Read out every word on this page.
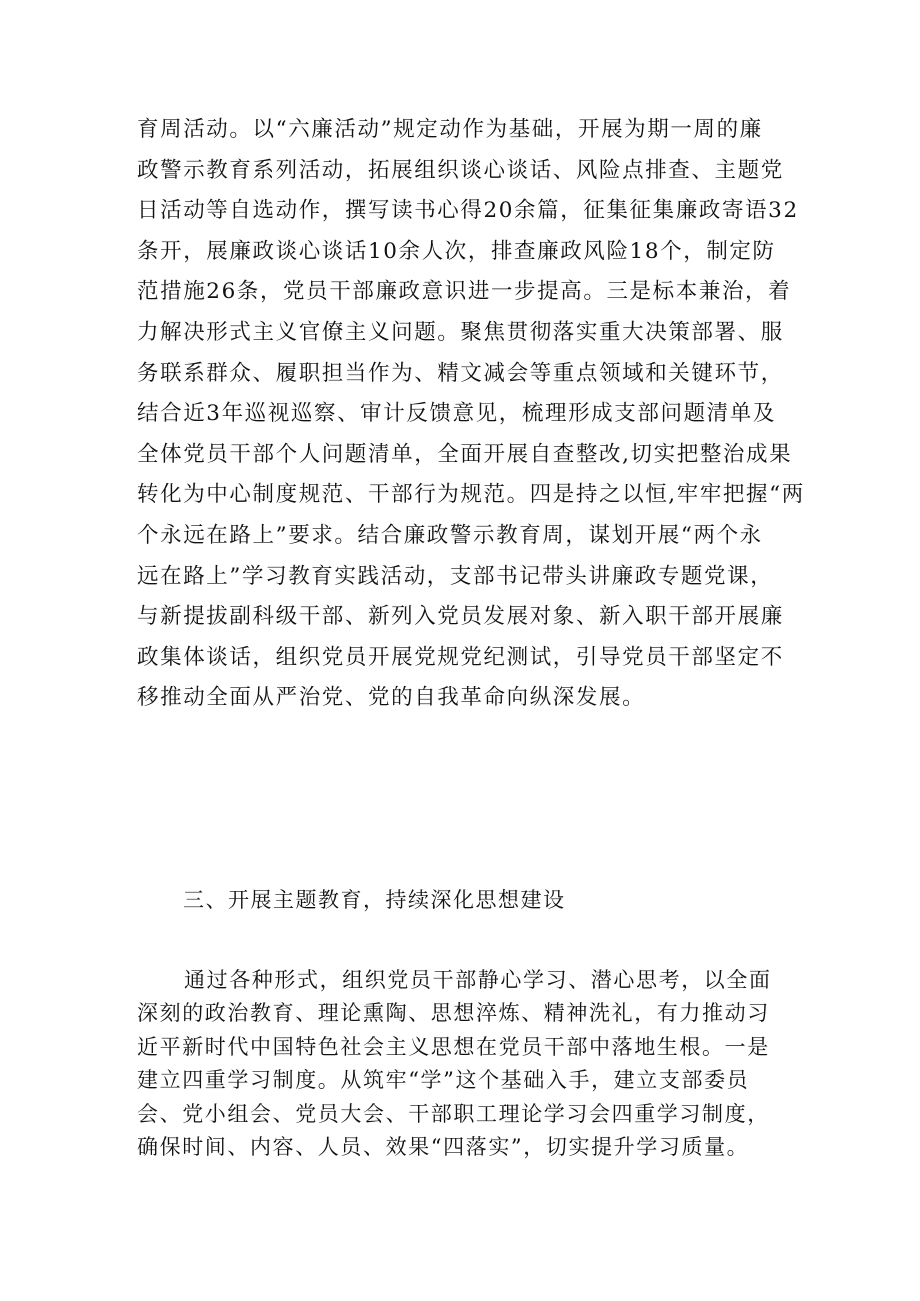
育周活动。以“六廉活动”规定动作为基础，开展为期一周的廉
政警示教育系列活动，拓展组织谈心谈话、风险点排查、主题党
日活动等自选动作，撰写读书心得20余篇，征集征集廉政寄语32
条开，展廉政谈心谈话10余人次，排查廉政风险18个，制定防
范措施26条，党员干部廉政意识进一步提高。三是标本兼治，着
力解决形式主义官僚主义问题。聚焦贯彻落实重大决策部署、服
务联系群众、履职担当作为、精文减会等重点领域和关键环节，
结合近3年巡视巡察、审计反馈意见，梳理形成支部问题清单及
全体党员干部个人问题清单，全面开展自查整改,切实把整治成果
转化为中心制度规范、干部行为规范。四是持之以恒,牢牢把握“两
个永远在路上”要求。结合廉政警示教育周，谋划开展“两个永
远在路上”学习教育实践活动，支部书记带头讲廉政专题党课，
与新提拔副科级干部、新列入党员发展对象、新入职干部开展廉
政集体谈话，组织党员开展党规党纪测试，引导党员干部坚定不
移推动全面从严治党、党的自我革命向纵深发展。
三、开展主题教育，持续深化思想建设
通过各种形式，组织党员干部静心学习、潜心思考，以全面
深刻的政治教育、理论熏陶、思想淬炼、精神洗礼，有力推动习
近平新时代中国特色社会主义思想在党员干部中落地生根。一是
建立四重学习制度。从筑牢“学”这个基础入手，建立支部委员
会、党小组会、党员大会、干部职工理论学习会四重学习制度，
确保时间、内容、人员、效果“四落实”，切实提升学习质量。
